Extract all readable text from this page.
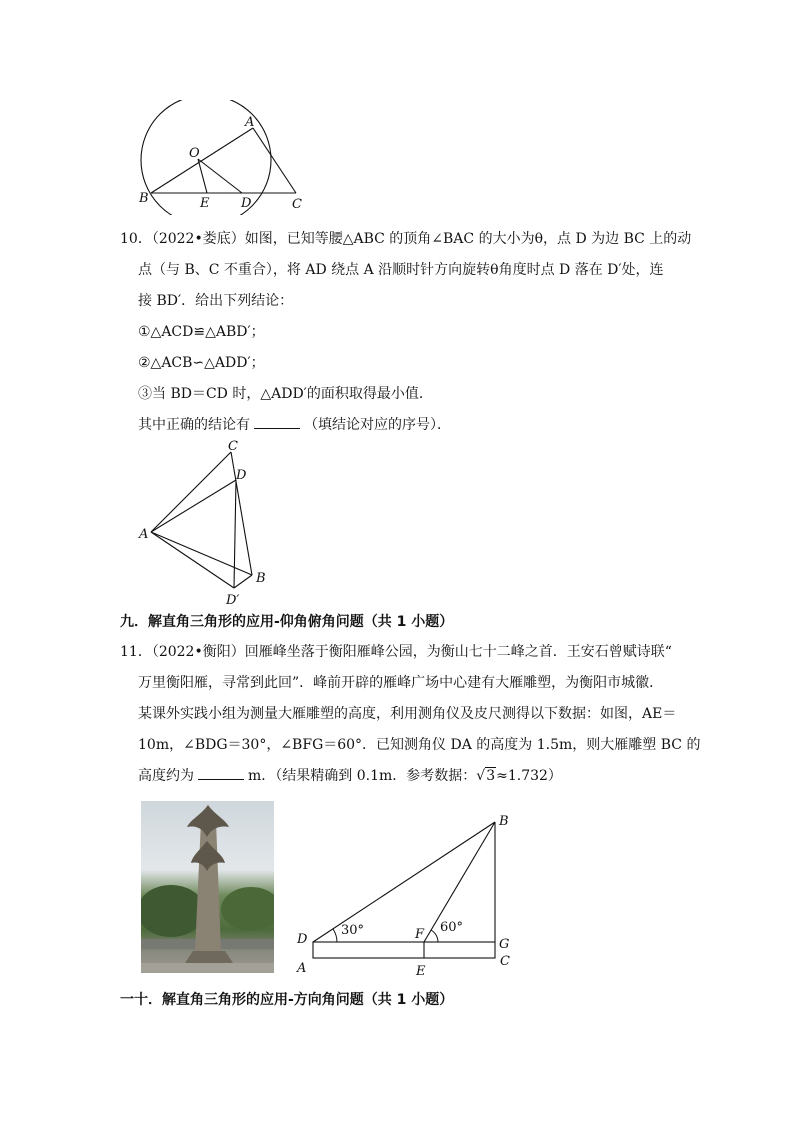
A
O
B	E D	C
10．（2022•娄底）如图，已知等腰△ABC 的顶角∠BAC 的大小为θ，点 D 为边 BC 上的动
点（与 B、C 不重合），将 AD 绕点 A 沿顺时针方向旋转θ角度时点 D 落在 D′处，连
接 BD′．给出下列结论：
①△ACD≌△ABD′；
②△ACB∽△ADD′；
③当 BD＝CD 时，△ADD′的面积取得最小值．
其中正确的结论有	（填结论对应的序号）．
C
D
A
B
D′
九．解直角三角形的应用-仰角俯角问题（共 1 小题）
11．（2022•衡阳）回雁峰坐落于衡阳雁峰公园，为衡山七十二峰之首．王安石曾赋诗联“
万里衡阳雁，寻常到此回”．峰前开辟的雁峰广场中心建有大雁雕塑，为衡阳市城徽．
某课外实践小组为测量大雁雕塑的高度，利用测角仪及皮尺测得以下数据：如图，AE＝
10m，∠BDG＝30°，∠BFG＝60°．已知测角仪 DA 的高度为 1.5m，则大雁雕塑 BC 的
高度约为	m．（结果精确到 0.1m．参考数据：√3≈1.732）
B
D	F
G
A	E
C
30°	60°
一十．解直角三角形的应用-方向角问题（共 1 小题）
